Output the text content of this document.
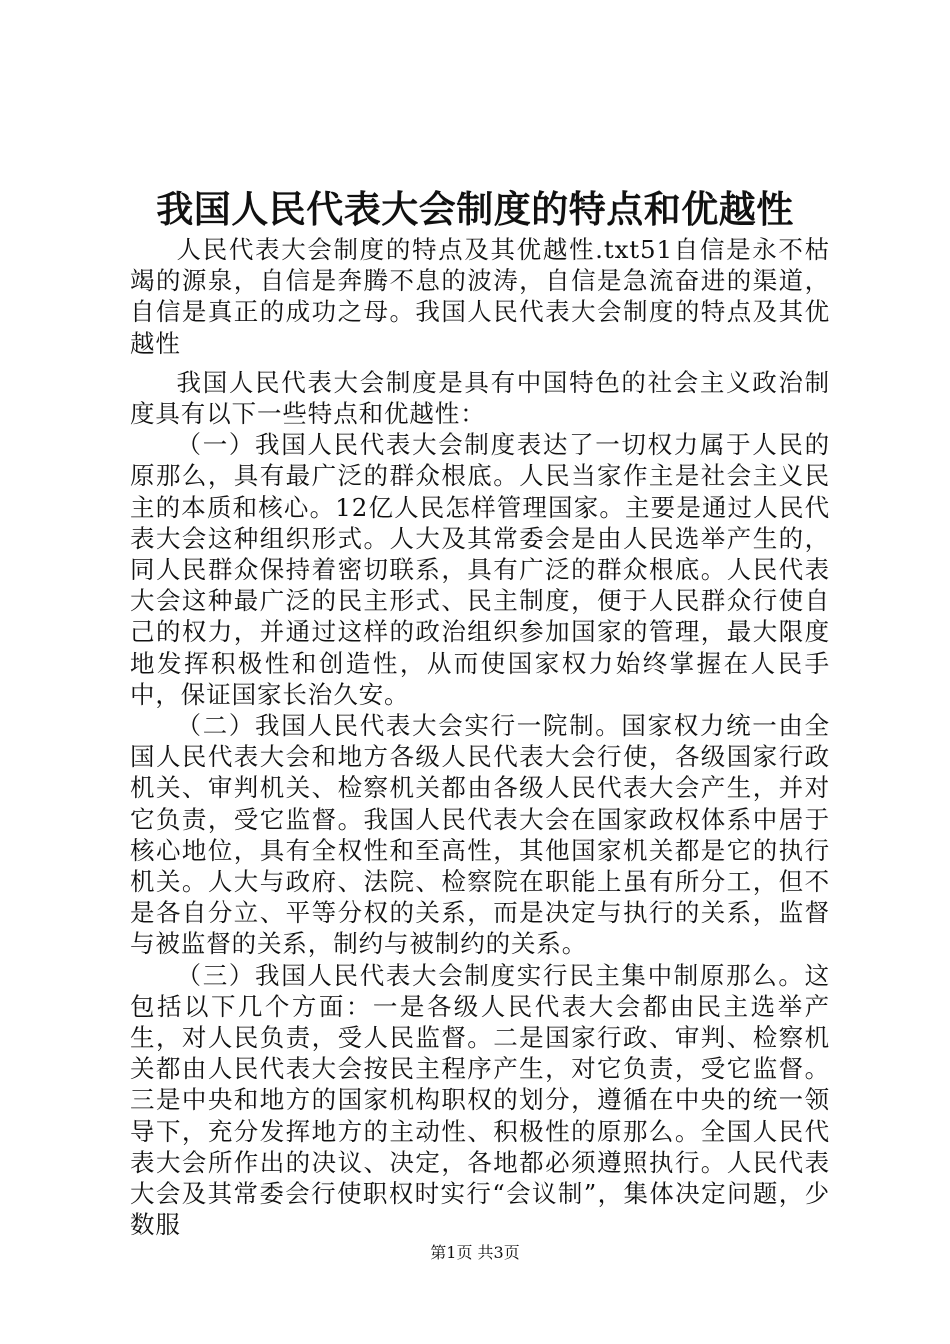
我国人民代表大会制度的特点和优越性

人民代表大会制度的特点及其优越性.txt51自信是永不枯竭的源泉，自信是奔腾不息的波涛，自信是急流奋进的渠道，自信是真正的成功之母。我国人民代表大会制度的特点及其优越性

我国人民代表大会制度是具有中国特色的社会主义政治制度具有以下一些特点和优越性：

（一）我国人民代表大会制度表达了一切权力属于人民的原那么，具有最广泛的群众根底。人民当家作主是社会主义民主的本质和核心。12亿人民怎样管理国家。主要是通过人民代表大会这种组织形式。人大及其常委会是由人民选举产生的，同人民群众保持着密切联系，具有广泛的群众根底。人民代表大会这种最广泛的民主形式、民主制度，便于人民群众行使自己的权力，并通过这样的政治组织参加国家的管理，最大限度地发挥积极性和创造性，从而使国家权力始终掌握在人民手中，保证国家长治久安。

（二）我国人民代表大会实行一院制。国家权力统一由全国人民代表大会和地方各级人民代表大会行使，各级国家行政机关、审判机关、检察机关都由各级人民代表大会产生，并对它负责，受它监督。我国人民代表大会在国家政权体系中居于核心地位，具有全权性和至高性，其他国家机关都是它的执行机关。人大与政府、法院、检察院在职能上虽有所分工，但不是各自分立、平等分权的关系，而是决定与执行的关系，监督与被监督的关系，制约与被制约的关系。

（三）我国人民代表大会制度实行民主集中制原那么。这包括以下几个方面：一是各级人民代表大会都由民主选举产生，对人民负责，受人民监督。二是国家行政、审判、检察机关都由人民代表大会按民主程序产生，对它负责，受它监督。三是中央和地方的国家机构职权的划分，遵循在中央的统一领导下，充分发挥地方的主动性、积极性的原那么。全国人民代表大会所作出的决议、决定，各地都必须遵照执行。人民代表大会及其常委会行使职权时实行“会议制”，集体决定问题，少数服

第1页 共3页
